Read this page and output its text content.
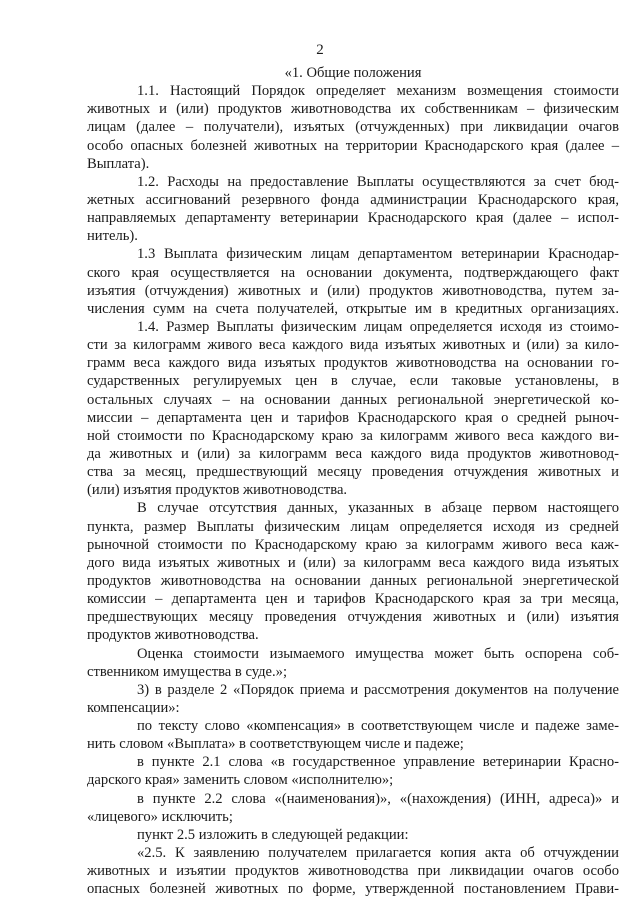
2
«1. Общие положения
1.1. Настоящий Порядок определяет механизм возмещения стоимости
животных и (или) продуктов животноводства их собственникам – физическим
лицам (далее – получатели), изъятых (отчужденных) при ликвидации очагов
особо опасных болезней животных на территории Краснодарского края (далее –
Выплата).
1.2. Расходы на предоставление Выплаты осуществляются за счет бюд-
жетных ассигнований резервного фонда администрации Краснодарского края,
направляемых департаменту ветеринарии Краснодарского края (далее – испол-
нитель).
1.3 Выплата физическим лицам департаментом ветеринарии Краснодар-
ского края осуществляется на основании документа, подтверждающего факт
изъятия (отчуждения) животных и (или) продуктов животноводства, путем за-
числения сумм на счета получателей, открытые им в кредитных организациях.
1.4. Размер Выплаты физическим лицам определяется исходя из стоимо-
сти за килограмм живого веса каждого вида изъятых животных и (или) за кило-
грамм веса каждого вида изъятых продуктов животноводства на основании го-
сударственных регулируемых цен в случае, если таковые установлены, в
остальных случаях – на основании данных региональной энергетической ко-
миссии – департамента цен и тарифов Краснодарского края о средней рыноч-
ной стоимости по Краснодарскому краю за килограмм живого веса каждого ви-
да животных и (или) за килограмм веса каждого вида продуктов животновод-
ства за месяц, предшествующий месяцу проведения отчуждения животных и
(или) изъятия продуктов животноводства.
В случае отсутствия данных, указанных в абзаце первом настоящего
пункта, размер Выплаты физическим лицам определяется исходя из средней
рыночной стоимости по Краснодарскому краю за килограмм живого веса каж-
дого вида изъятых животных и (или) за килограмм веса каждого вида изъятых
продуктов животноводства на основании данных региональной энергетической
комиссии – департамента цен и тарифов Краснодарского края за три месяца,
предшествующих месяцу проведения отчуждения животных и (или) изъятия
продуктов животноводства.
Оценка стоимости изымаемого имущества может быть оспорена соб-
ственником имущества в суде.»;
3) в разделе 2 «Порядок приема и рассмотрения документов на получение
компенсации»:
по тексту слово «компенсация» в соответствующем числе и падеже заме-
нить словом «Выплата» в соответствующем числе и падеже;
в пункте 2.1 слова «в государственное управление ветеринарии Красно-
дарского края» заменить словом «исполнителю»;
в пункте 2.2 слова «(наименования)», «(нахождения) (ИНН, адреса)» и
«лицевого» исключить;
пункт 2.5 изложить в следующей редакции:
«2.5. К заявлению получателем прилагается копия акта об отчуждении
животных и изъятии продуктов животноводства при ликвидации очагов особо
опасных болезней животных по форме, утвержденной постановлением Прави-
